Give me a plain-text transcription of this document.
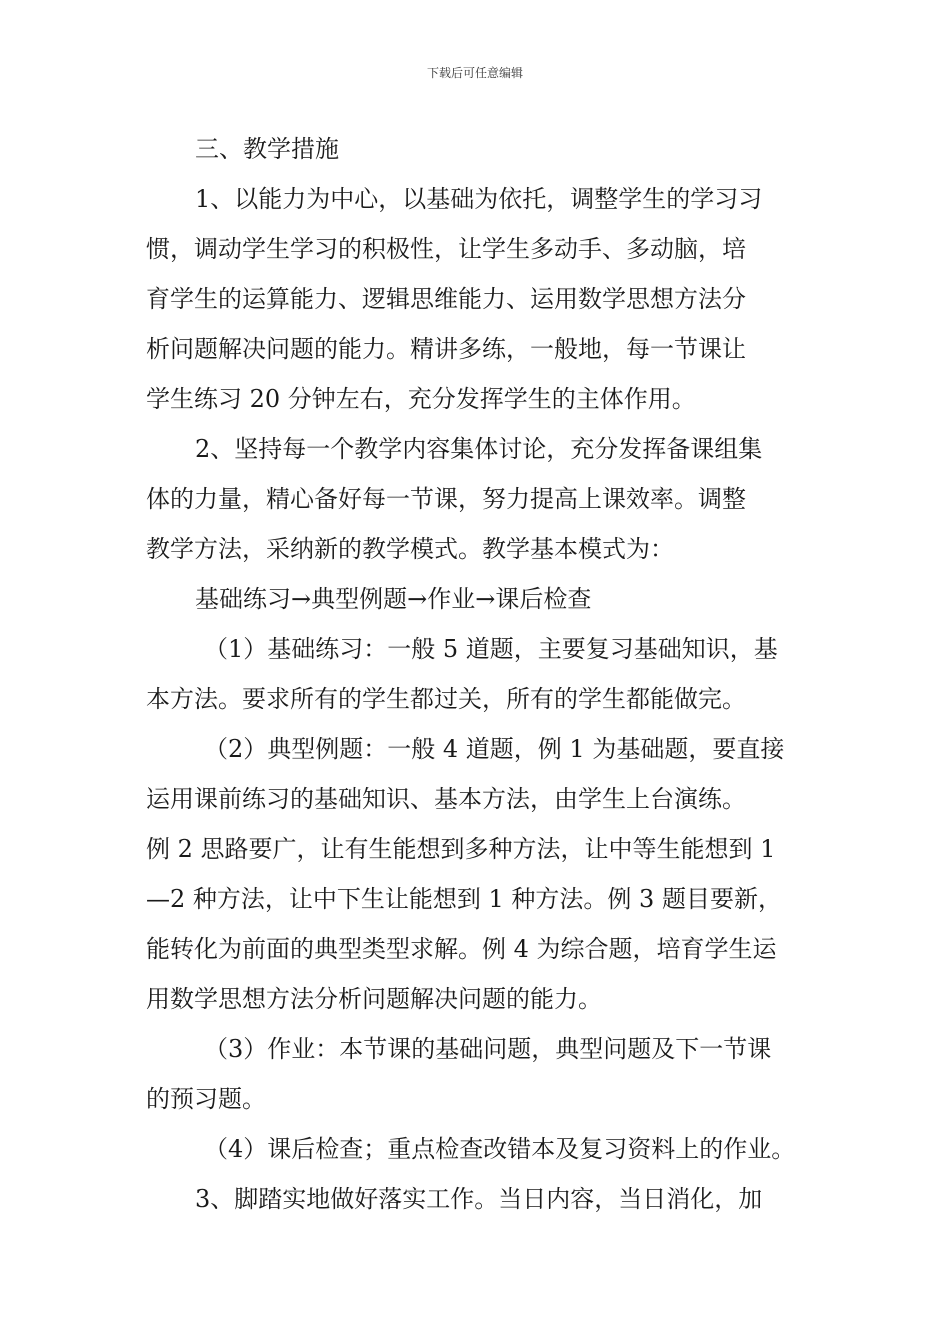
下载后可任意编辑
三、教学措施
1、以能力为中心，以基础为依托，调整学生的学习习
惯，调动学生学习的积极性，让学生多动手、多动脑，培
育学生的运算能力、逻辑思维能力、运用数学思想方法分
析问题解决问题的能力。精讲多练，一般地，每一节课让
学生练习 20 分钟左右，充分发挥学生的主体作用。
2、坚持每一个教学内容集体讨论，充分发挥备课组集
体的力量，精心备好每一节课，努力提高上课效率。调整
教学方法，采纳新的教学模式。教学基本模式为：
基础练习→典型例题→作业→课后检查
（1）基础练习：一般 5 道题，主要复习基础知识，基
本方法。要求所有的学生都过关，所有的学生都能做完。
（2）典型例题：一般 4 道题，例 1 为基础题，要直接
运用课前练习的基础知识、基本方法，由学生上台演练。
例 2 思路要广，让有生能想到多种方法，让中等生能想到 1
—2 种方法，让中下生让能想到 1 种方法。例 3 题目要新，
能转化为前面的典型类型求解。例 4 为综合题，培育学生运
用数学思想方法分析问题解决问题的能力。
（3）作业：本节课的基础问题，典型问题及下一节课
的预习题。
（4）课后检查；重点检查改错本及复习资料上的作业。
3、脚踏实地做好落实工作。当日内容，当日消化，加
